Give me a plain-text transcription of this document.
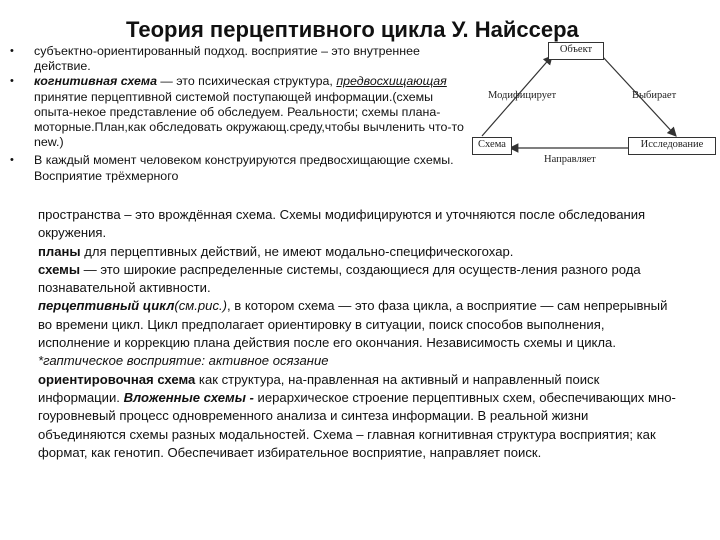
Теория перцептивного цикла У. Найссера
• субъектно-ориентированный подход. восприятие – это внутреннее действие.
• когнитивная схема — это психическая структура, предвосхищающая принятие перцептивной системой поступающей информации.(схемы опыта-некое представление об обследуем. Реальности; схемы плана-моторные.План,как обследовать окружающ.среду,чтобы вычленить что-то new.)
• В каждый момент человеком конструируются предвосхищающие схемы. Восприятие трёхмерного
Объект
Схема	Исследование
Модифицирует	Выбирает
Направляет

пространства – это врождённая схема. Схемы модифицируются и уточняются после обследования окружения.

планы для перцептивных действий, не имеют модально-специфическогохар.

схемы — это широкие распределенные системы, создающиеся для осуществ-ления разного рода познавательной активности.

перцептивный цикл(см.рис.), в котором схема — это фаза цикла, а восприятие — сам непрерывный во времени цикл. Цикл предполагает ориентировку в ситуации, поиск способов выполнения, исполнение и коррекцию плана действия после его окончания. Независимость схемы и цикла.

*гаптическое восприятие: активное осязание

ориентировочная схема как структура, на-правленная на активный и направленный поиск информации. Вложенные схемы - иерархическое строение перцептивных схем, обеспечивающих мно-гоуровневый процесс одновременного анализа и синтеза информации. В реальной жизни объединяются схемы разных модальностей. Схема – главная когнитивная структура восприятия; как формат, как генотип. Обеспечивает избирательное восприятие, направляет поиск.
